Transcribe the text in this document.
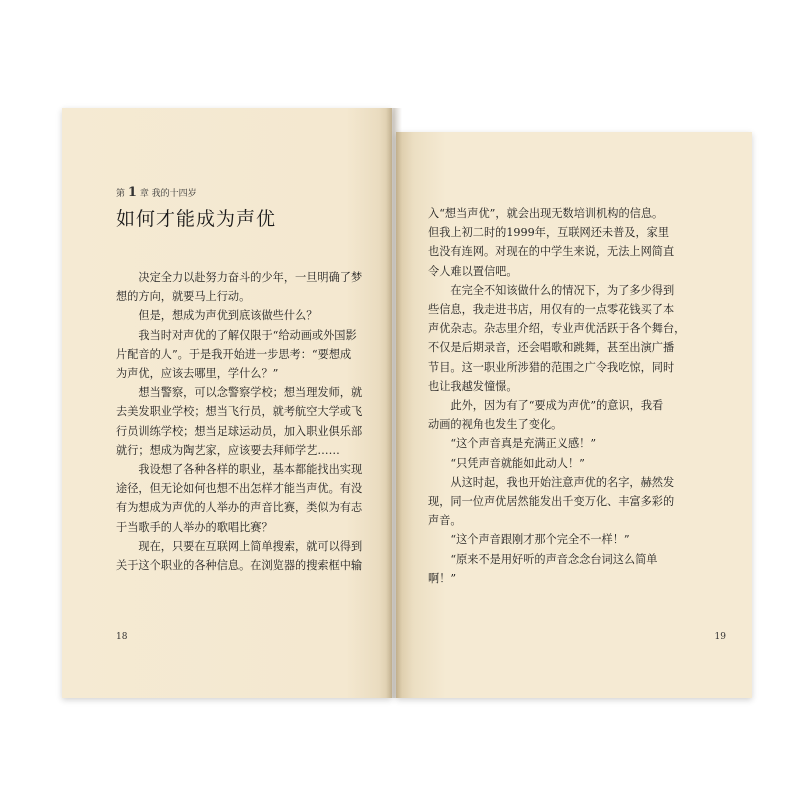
第 1 章 我的十四岁
如何才能成为声优
　　决定全力以赴努力奋斗的少年，一旦明确了梦
想的方向，就要马上行动。
　　但是，想成为声优到底该做些什么？
　　我当时对声优的了解仅限于“给动画或外国影
片配音的人”。于是我开始进一步思考：“要想成
为声优，应该去哪里，学什么？”
　　想当警察，可以念警察学校；想当理发师，就
去美发职业学校；想当飞行员，就考航空大学或飞
行员训练学校；想当足球运动员，加入职业俱乐部
就行；想成为陶艺家，应该要去拜师学艺……
　　我设想了各种各样的职业，基本都能找出实现
途径，但无论如何也想不出怎样才能当声优。有没
有为想成为声优的人举办的声音比赛，类似为有志
于当歌手的人举办的歌唱比赛？
　　现在，只要在互联网上简单搜索，就可以得到
关于这个职业的各种信息。在浏览器的搜索框中输
18
入“想当声优”，就会出现无数培训机构的信息。
但我上初二时的1999年，互联网还未普及，家里
也没有连网。对现在的中学生来说，无法上网简直
令人难以置信吧。
　　在完全不知该做什么的情况下，为了多少得到
些信息，我走进书店，用仅有的一点零花钱买了本
声优杂志。杂志里介绍，专业声优活跃于各个舞台，
不仅是后期录音，还会唱歌和跳舞，甚至出演广播
节目。这一职业所涉猎的范围之广令我吃惊，同时
也让我越发憧憬。
　　此外，因为有了“要成为声优”的意识，我看
动画的视角也发生了变化。
　　“这个声音真是充满正义感！”
　　“只凭声音就能如此动人！”
　　从这时起，我也开始注意声优的名字，赫然发
现，同一位声优居然能发出千变万化、丰富多彩的
声音。
　　“这个声音跟刚才那个完全不一样！”
　　“原来不是用好听的声音念念台词这么简单
啊！”
19
